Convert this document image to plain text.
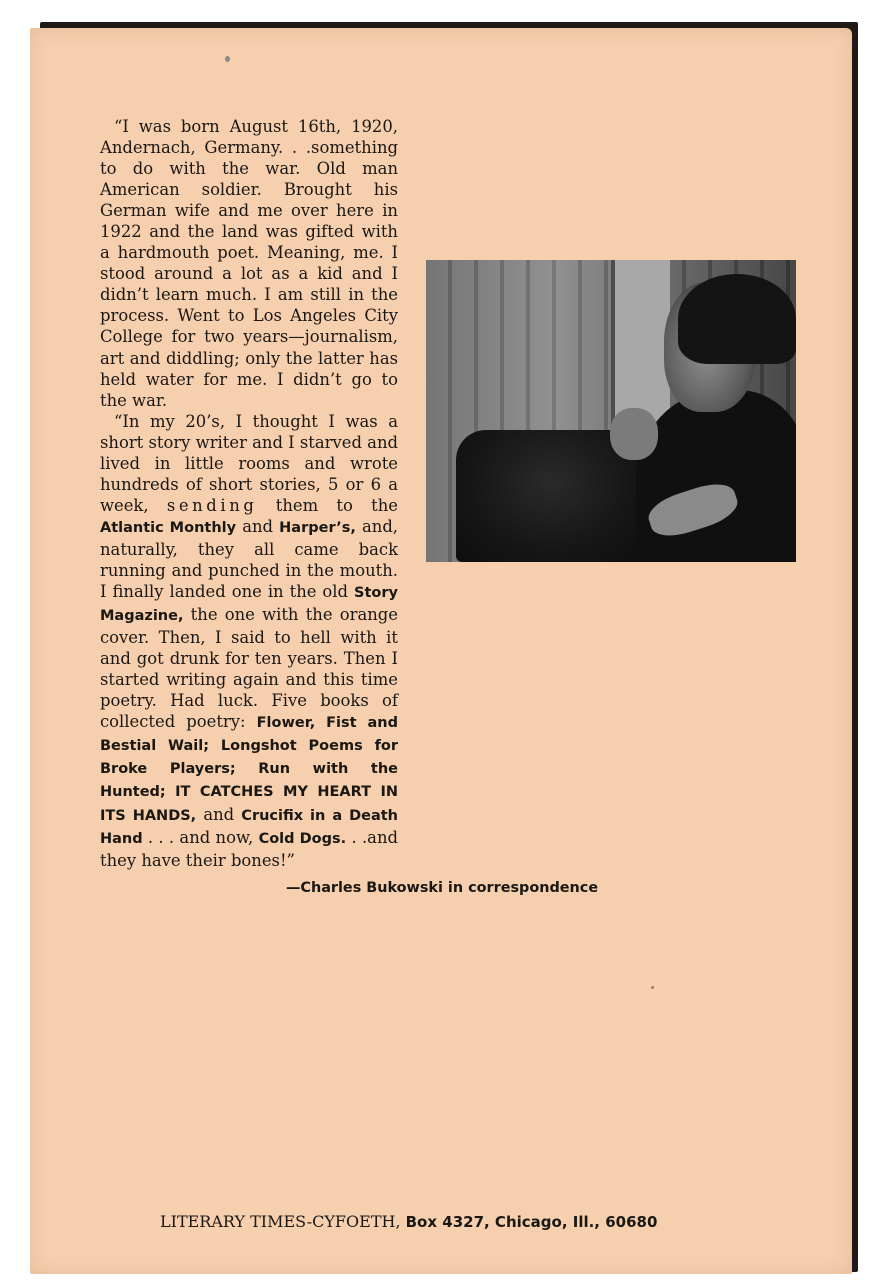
“I was born August 16th, 1920, Andernach, Germany. . .something to do with the war. Old man American soldier. Brought his German wife and me over here in 1922 and the land was gifted with a hardmouth poet. Meaning, me. I stood around a lot as a kid and I didn’t learn much. I am still in the process. Went to Los Angeles City College for two years—journalism, art and diddling; only the latter has held water for me. I didn’t go to the war.

“In my 20’s, I thought I was a short story writer and I starved and lived in little rooms and wrote hundreds of short stories, 5 or 6 a week, sending them to the Atlantic Monthly and Harper’s, and, naturally, they all came back running and punched in the mouth. I finally landed one in the old Story Magazine, the one with the orange cover. Then, I said to hell with it and got drunk for ten years. Then I started writing again and this time poetry. Had luck. Five books of collected poetry: Flower, Fist and Bestial Wail; Longshot Poems for Broke Players; Run with the Hunted; IT CATCHES MY HEART IN ITS HANDS, and Crucifix in a Death Hand . . . and now, Cold Dogs. . .and they have their bones!”

—Charles Bukowski in correspondence

LITERARY TIMES-CYFOETH, Box 4327, Chicago, Ill., 60680
